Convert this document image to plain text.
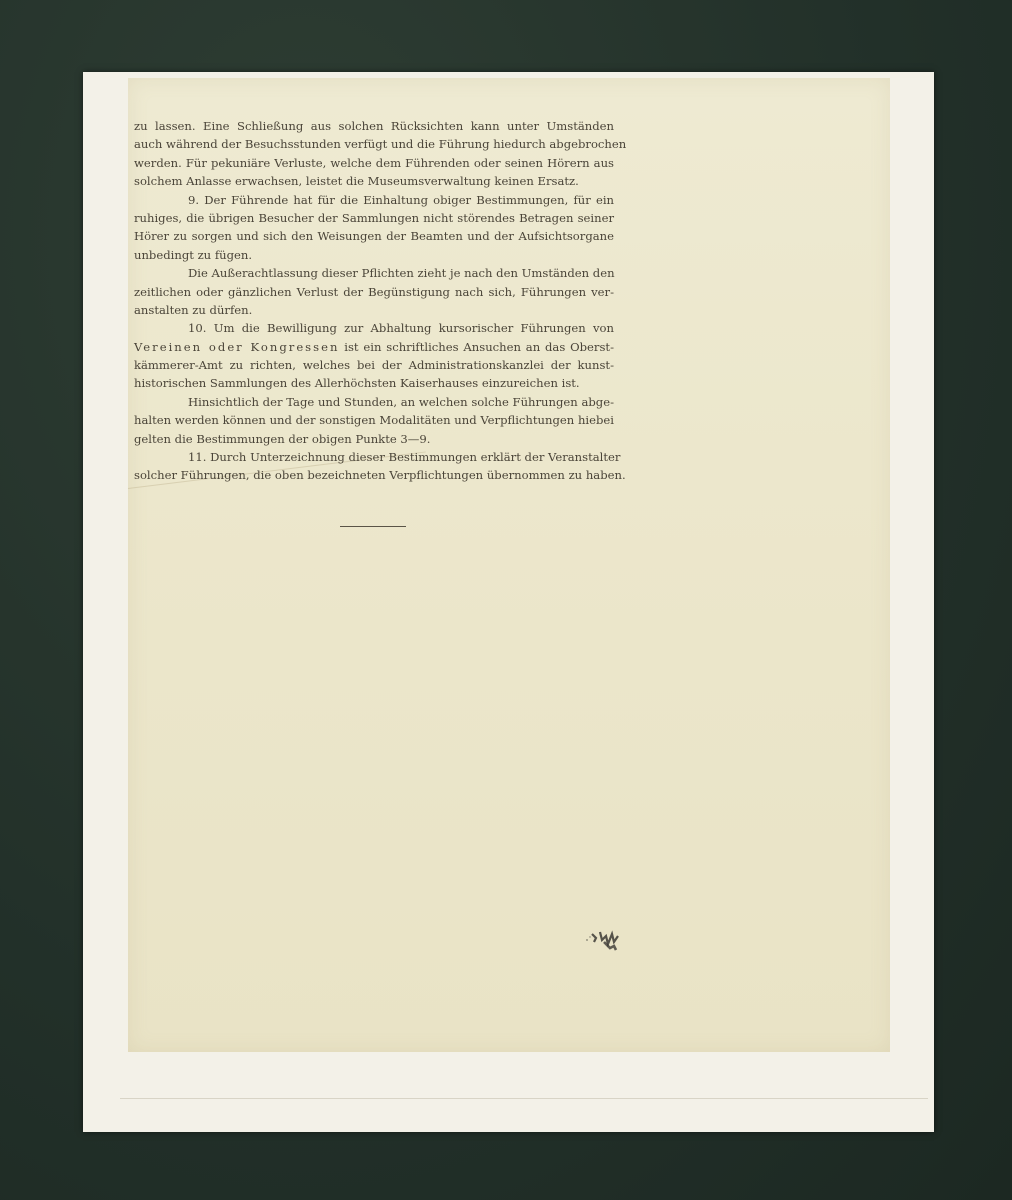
zu lassen. Eine Schließung aus solchen Rücksichten kann unter Umständen
auch während der Besuchsstunden verfügt und die Führung hiedurch abgebrochen
werden. Für pekuniäre Verluste, welche dem Führenden oder seinen Hörern aus
solchem Anlasse erwachsen, leistet die Museumsverwaltung keinen Ersatz.
9. Der Führende hat für die Einhaltung obiger Bestimmungen, für ein
ruhiges, die übrigen Besucher der Sammlungen nicht störendes Betragen seiner
Hörer zu sorgen und sich den Weisungen der Beamten und der Aufsichtsorgane
unbedingt zu fügen.
Die Außerachtlassung dieser Pflichten zieht je nach den Umständen den
zeitlichen oder gänzlichen Verlust der Begünstigung nach sich, Führungen ver-
anstalten zu dürfen.
10. Um die Bewilligung zur Abhaltung kursorischer Führungen von
Vereinen oder Kongressen ist ein schriftliches Ansuchen an das Oberst-
kämmerer-Amt zu richten, welches bei der Administrationskanzlei der kunst-
historischen Sammlungen des Allerhöchsten Kaiserhauses einzureichen ist.
Hinsichtlich der Tage und Stunden, an welchen solche Führungen abge-
halten werden können und der sonstigen Modalitäten und Verpflichtungen hiebei
gelten die Bestimmungen der obigen Punkte 3—9.
11. Durch Unterzeichnung dieser Bestimmungen erklärt der Veranstalter
solcher Führungen, die oben bezeichneten Verpflichtungen übernommen zu haben.
